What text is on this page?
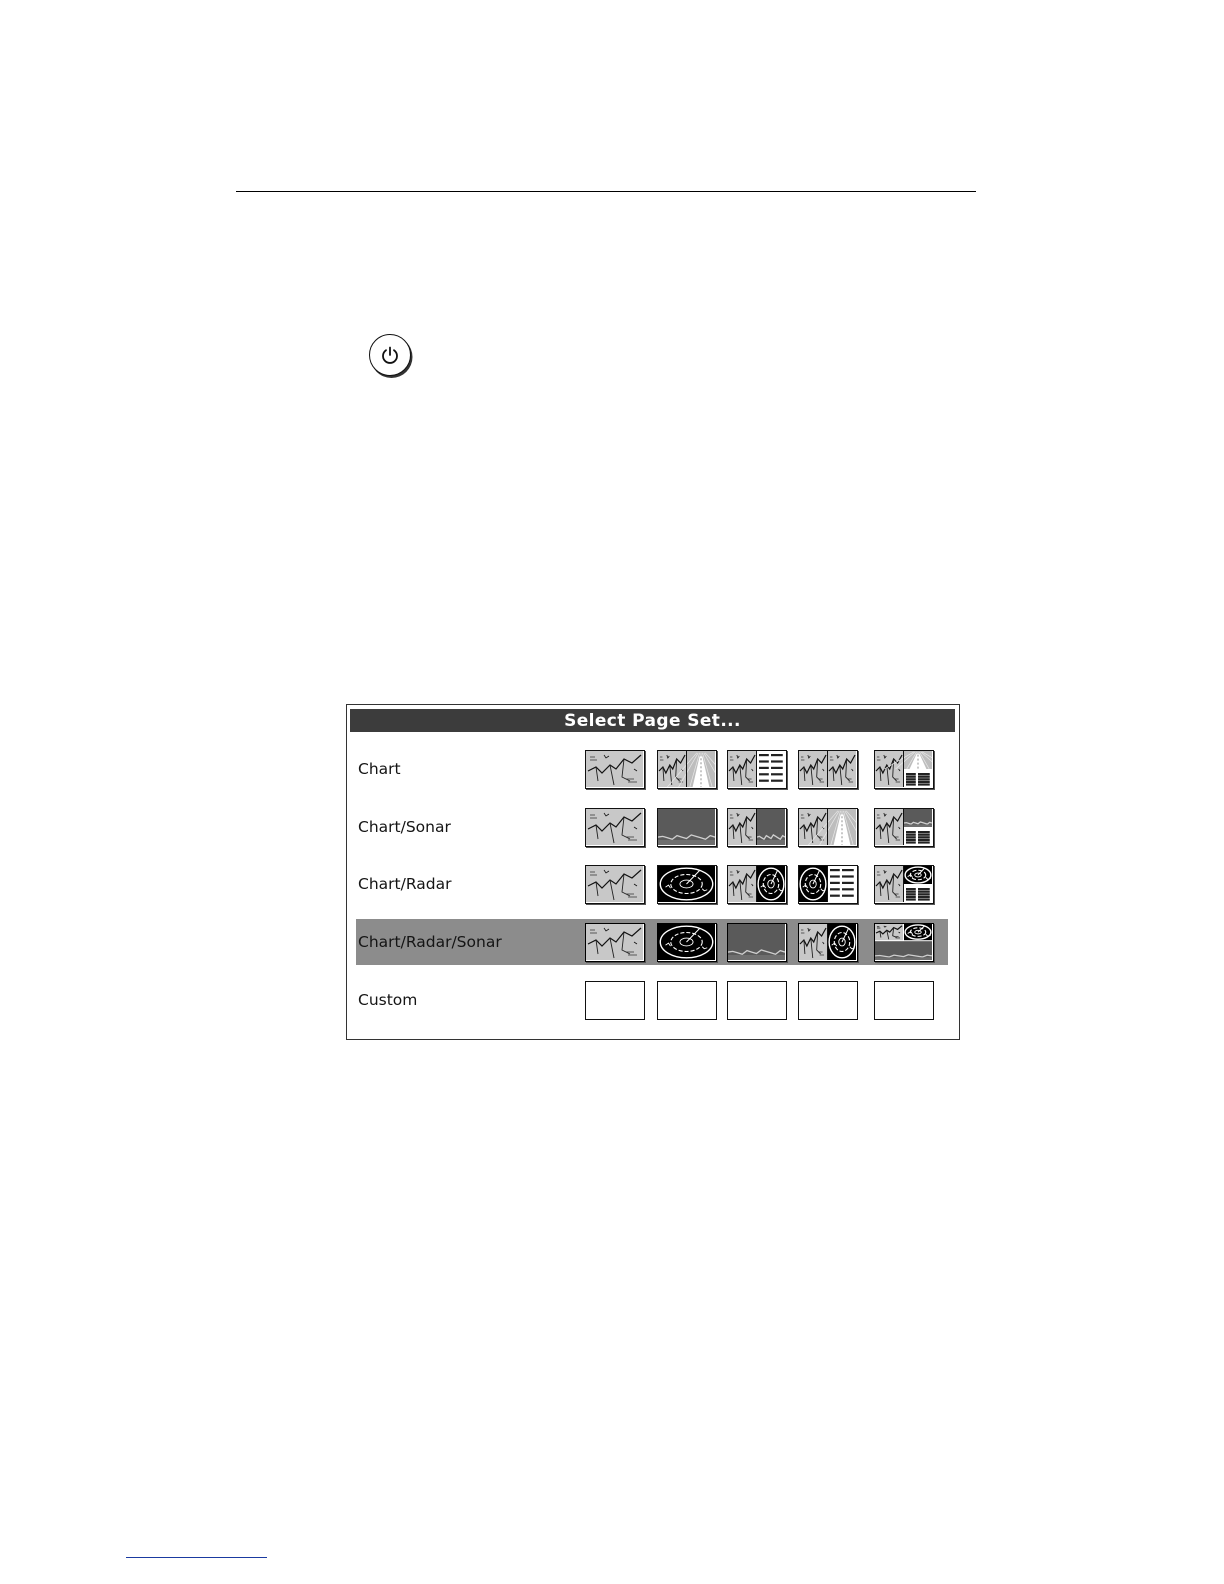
Select Page Set...
Chart
Chart/Sonar
Chart/Radar
Chart/Radar/Sonar
Custom
